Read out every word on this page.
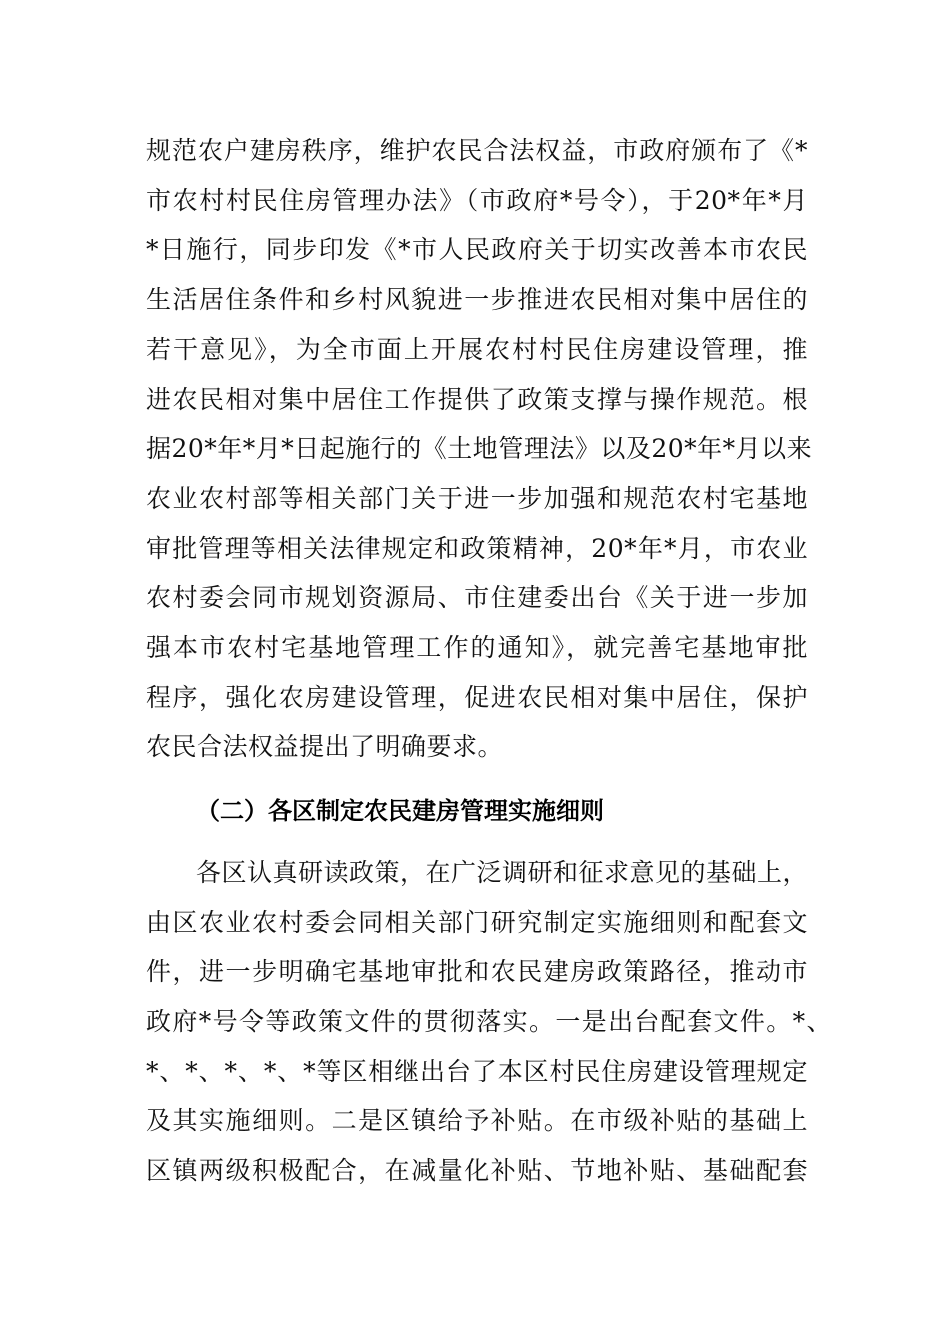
规范农户建房秩序，维护农民合法权益，市政府颁布了《*
市农村村民住房管理办法》（市政府*号令），于20*年*月
*日施行，同步印发《*市人民政府关于切实改善本市农民
生活居住条件和乡村风貌进一步推进农民相对集中居住的
若干意见》，为全市面上开展农村村民住房建设管理，推
进农民相对集中居住工作提供了政策支撑与操作规范。根
据20*年*月*日起施行的《土地管理法》以及20*年*月以来
农业农村部等相关部门关于进一步加强和规范农村宅基地
审批管理等相关法律规定和政策精神，20*年*月，市农业
农村委会同市规划资源局、市住建委出台《关于进一步加
强本市农村宅基地管理工作的通知》，就完善宅基地审批
程序，强化农房建设管理，促进农民相对集中居住，保护
农民合法权益提出了明确要求。
（二）各区制定农民建房管理实施细则
各区认真研读政策，在广泛调研和征求意见的基础上，
由区农业农村委会同相关部门研究制定实施细则和配套文
件，进一步明确宅基地审批和农民建房政策路径，推动市
政府*号令等政策文件的贯彻落实。一是出台配套文件。*、
*、*、*、*、*等区相继出台了本区村民住房建设管理规定
及其实施细则。二是区镇给予补贴。在市级补贴的基础上
区镇两级积极配合，在减量化补贴、节地补贴、基础配套
